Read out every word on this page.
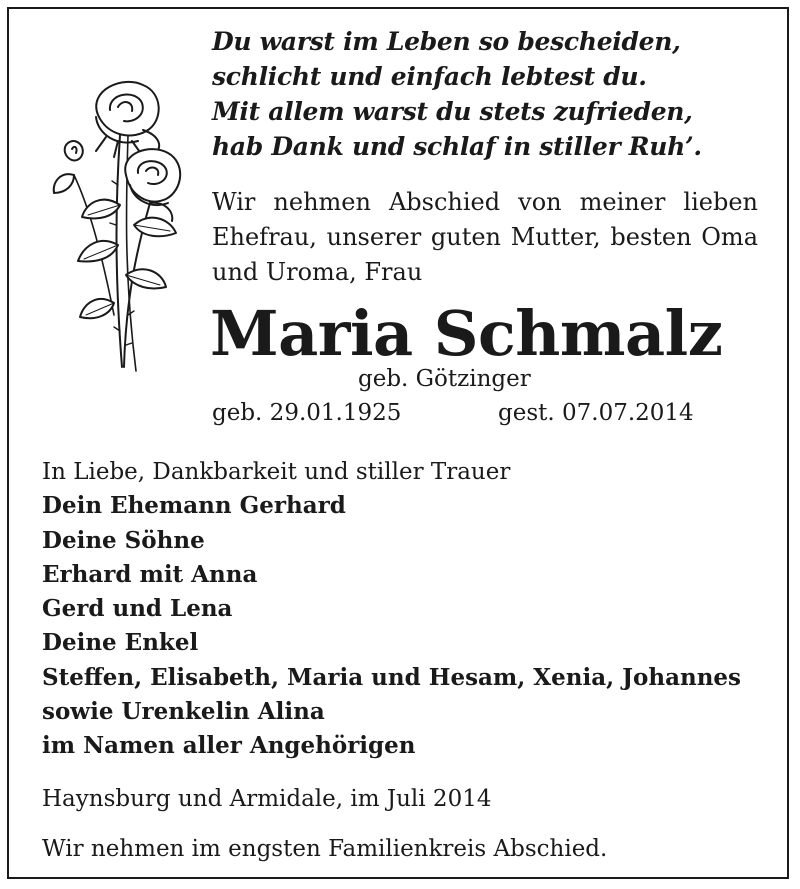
Du warst im Leben so bescheiden,
schlicht und einfach lebtest du.
Mit allem warst du stets zufrieden,
hab Dank und schlaf in stiller Ruh’.
Wir nehmen Abschied von meiner lieben Ehefrau, unserer guten Mutter, besten Oma und Uroma, Frau
Maria Schmalz
geb. Götzinger
geb. 29.01.1925	gest. 07.07.2014
In Liebe, Dankbarkeit und stiller Trauer
Dein Ehemann Gerhard
Deine Söhne
Erhard mit Anna
Gerd und Lena
Deine Enkel
Steffen, Elisabeth, Maria und Hesam, Xenia, Johannes
sowie Urenkelin Alina
im Namen aller Angehörigen
Haynsburg und Armidale, im Juli 2014
Wir nehmen im engsten Familienkreis Abschied.
